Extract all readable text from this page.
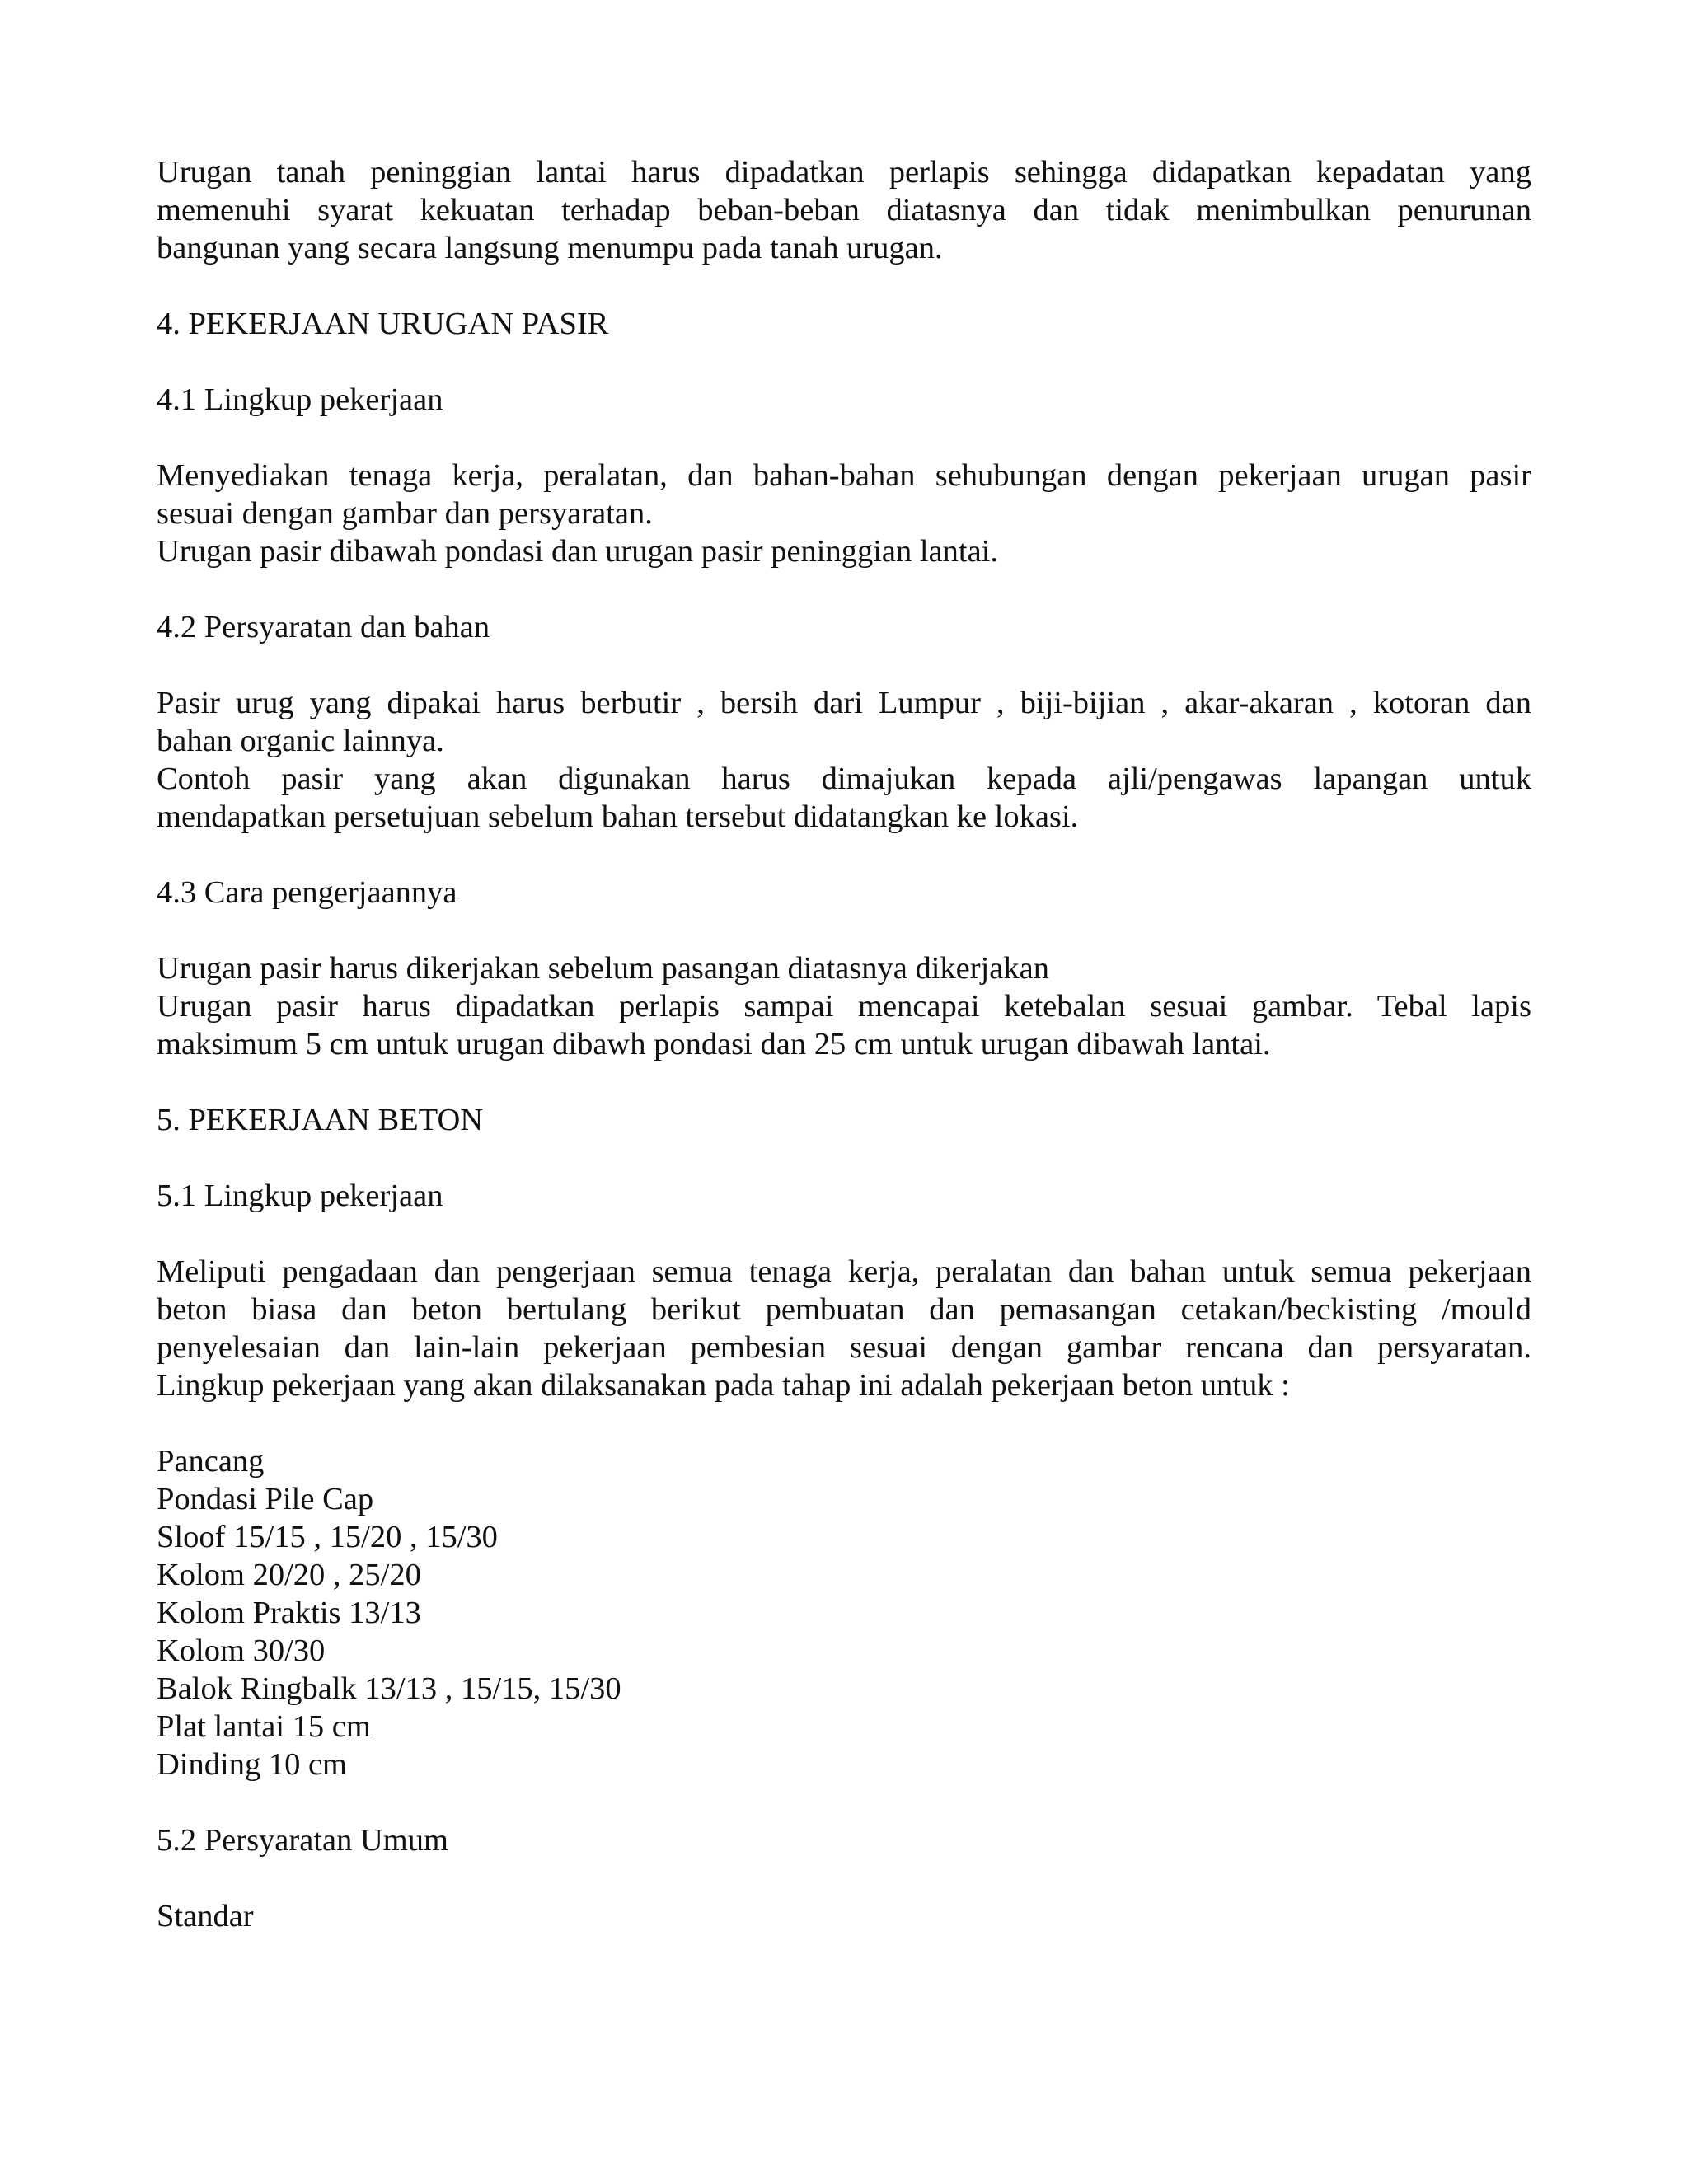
Urugan tanah peninggian lantai harus dipadatkan perlapis sehingga didapatkan kepadatan yang
memenuhi syarat kekuatan terhadap beban-beban diatasnya dan tidak menimbulkan penurunan
bangunan yang secara langsung menumpu pada tanah urugan.
4. PEKERJAAN URUGAN PASIR
4.1 Lingkup pekerjaan
Menyediakan tenaga kerja, peralatan, dan bahan-bahan sehubungan dengan pekerjaan urugan pasir
sesuai dengan gambar dan persyaratan.
Urugan pasir dibawah pondasi dan urugan pasir peninggian lantai.
4.2 Persyaratan dan bahan
Pasir urug yang dipakai harus berbutir , bersih dari Lumpur , biji-bijian , akar-akaran , kotoran dan
bahan organic lainnya.
Contoh pasir yang akan digunakan harus dimajukan kepada ajli/pengawas lapangan untuk
mendapatkan persetujuan sebelum bahan tersebut didatangkan ke lokasi.
4.3 Cara pengerjaannya
Urugan pasir harus dikerjakan sebelum pasangan diatasnya dikerjakan
Urugan pasir harus dipadatkan perlapis sampai mencapai ketebalan sesuai gambar. Tebal lapis
maksimum 5 cm untuk urugan dibawh pondasi dan 25 cm untuk urugan dibawah lantai.
5. PEKERJAAN BETON
5.1 Lingkup pekerjaan
Meliputi pengadaan dan pengerjaan semua tenaga kerja, peralatan dan bahan untuk semua pekerjaan
beton biasa dan beton bertulang berikut pembuatan dan pemasangan cetakan/beckisting /mould
penyelesaian dan lain-lain pekerjaan pembesian sesuai dengan gambar rencana dan persyaratan.
Lingkup pekerjaan yang akan dilaksanakan pada tahap ini adalah pekerjaan beton untuk :
Pancang
Pondasi Pile Cap
Sloof 15/15 , 15/20 , 15/30
Kolom 20/20 , 25/20
Kolom Praktis 13/13
Kolom 30/30
Balok Ringbalk 13/13 , 15/15, 15/30
Plat lantai 15 cm
Dinding 10 cm
5.2 Persyaratan Umum
Standar
